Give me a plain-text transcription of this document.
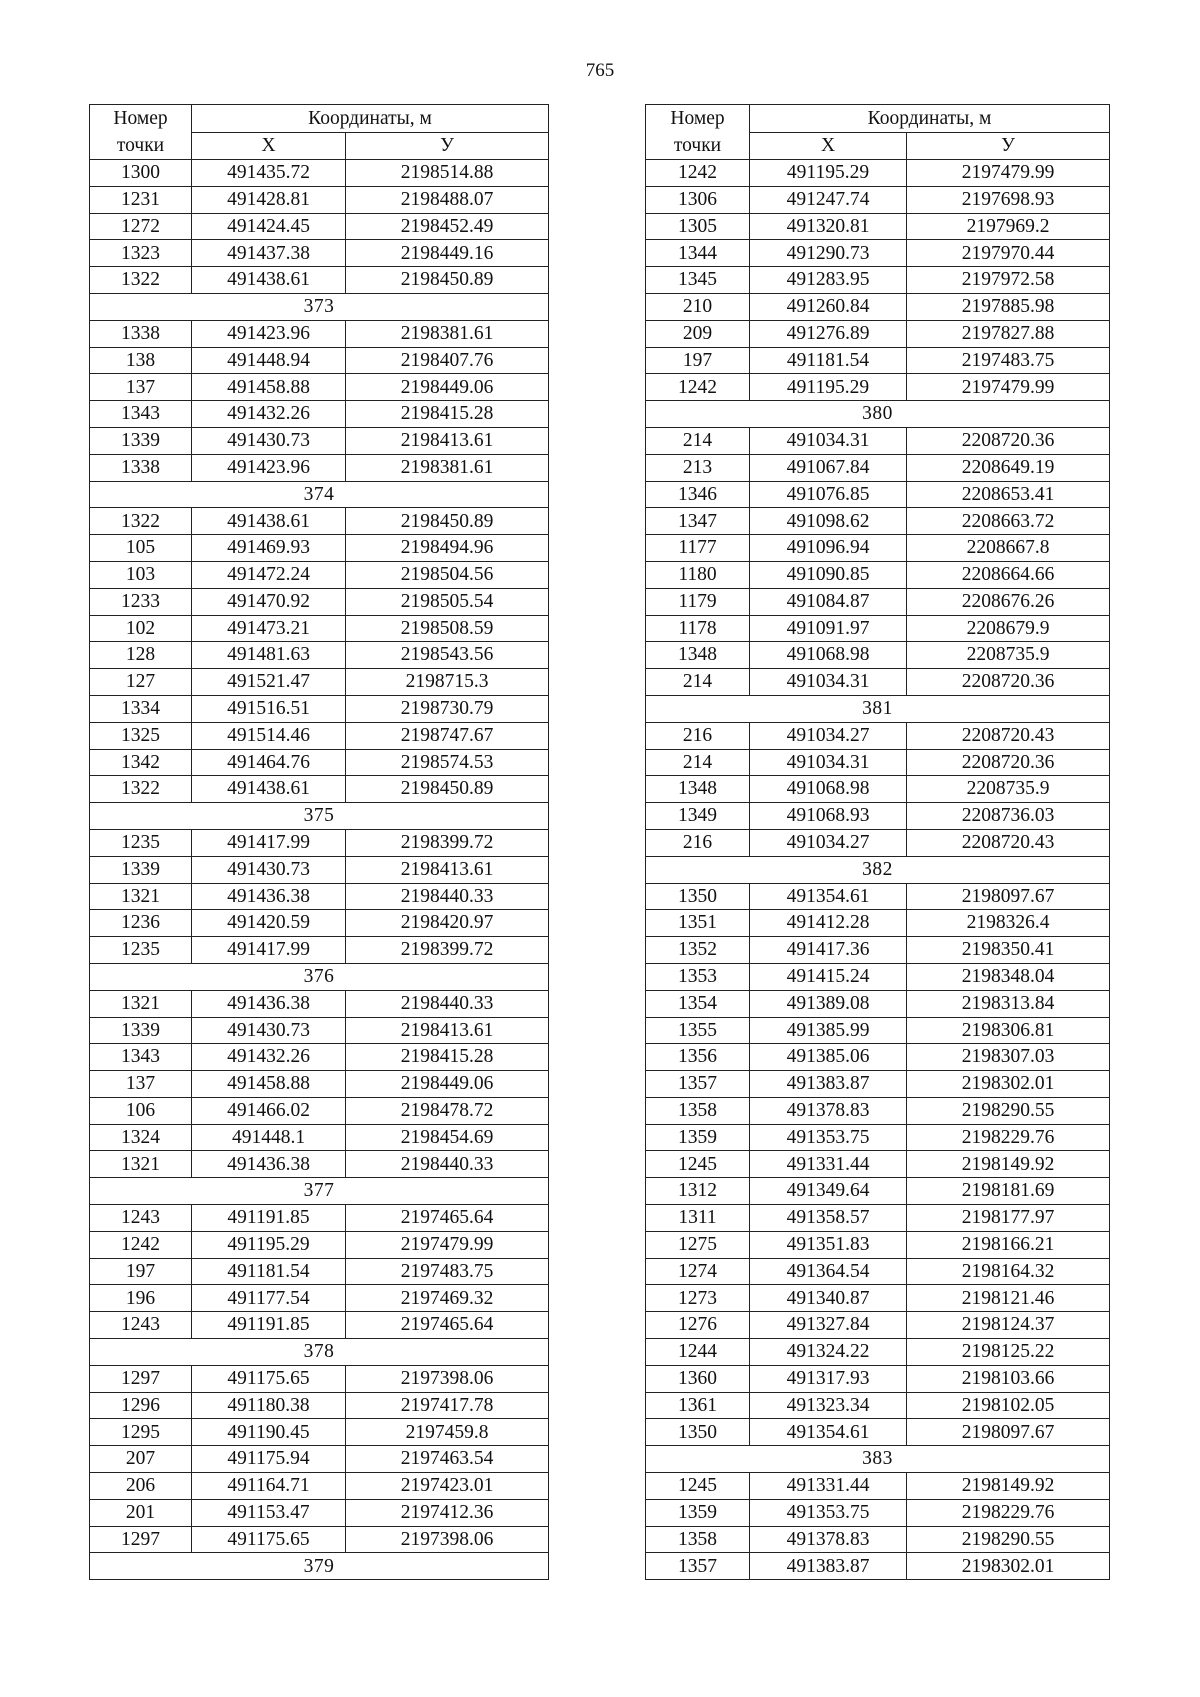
765
Номер
точки	Координаты, м	
	Х	У
1300	491435.72	2198514.88
1231	491428.81	2198488.07
1272	491424.45	2198452.49
1323	491437.38	2198449.16
1322	491438.61	2198450.89
373		
1338	491423.96	2198381.61
138	491448.94	2198407.76
137	491458.88	2198449.06
1343	491432.26	2198415.28
1339	491430.73	2198413.61
1338	491423.96	2198381.61
374		
1322	491438.61	2198450.89
105	491469.93	2198494.96
103	491472.24	2198504.56
1233	491470.92	2198505.54
102	491473.21	2198508.59
128	491481.63	2198543.56
127	491521.47	2198715.3
1334	491516.51	2198730.79
1325	491514.46	2198747.67
1342	491464.76	2198574.53
1322	491438.61	2198450.89
375		
1235	491417.99	2198399.72
1339	491430.73	2198413.61
1321	491436.38	2198440.33
1236	491420.59	2198420.97
1235	491417.99	2198399.72
376		
1321	491436.38	2198440.33
1339	491430.73	2198413.61
1343	491432.26	2198415.28
137	491458.88	2198449.06
106	491466.02	2198478.72
1324	491448.1	2198454.69
1321	491436.38	2198440.33
377		
1243	491191.85	2197465.64
1242	491195.29	2197479.99
197	491181.54	2197483.75
196	491177.54	2197469.32
1243	491191.85	2197465.64
378		
1297	491175.65	2197398.06
1296	491180.38	2197417.78
1295	491190.45	2197459.8
207	491175.94	2197463.54
206	491164.71	2197423.01
201	491153.47	2197412.36
1297	491175.65	2197398.06
379		
Номер
точки	Координаты, м	
	Х	У
1242	491195.29	2197479.99
1306	491247.74	2197698.93
1305	491320.81	2197969.2
1344	491290.73	2197970.44
1345	491283.95	2197972.58
210	491260.84	2197885.98
209	491276.89	2197827.88
197	491181.54	2197483.75
1242	491195.29	2197479.99
380		
214	491034.31	2208720.36
213	491067.84	2208649.19
1346	491076.85	2208653.41
1347	491098.62	2208663.72
1177	491096.94	2208667.8
1180	491090.85	2208664.66
1179	491084.87	2208676.26
1178	491091.97	2208679.9
1348	491068.98	2208735.9
214	491034.31	2208720.36
381		
216	491034.27	2208720.43
214	491034.31	2208720.36
1348	491068.98	2208735.9
1349	491068.93	2208736.03
216	491034.27	2208720.43
382		
1350	491354.61	2198097.67
1351	491412.28	2198326.4
1352	491417.36	2198350.41
1353	491415.24	2198348.04
1354	491389.08	2198313.84
1355	491385.99	2198306.81
1356	491385.06	2198307.03
1357	491383.87	2198302.01
1358	491378.83	2198290.55
1359	491353.75	2198229.76
1245	491331.44	2198149.92
1312	491349.64	2198181.69
1311	491358.57	2198177.97
1275	491351.83	2198166.21
1274	491364.54	2198164.32
1273	491340.87	2198121.46
1276	491327.84	2198124.37
1244	491324.22	2198125.22
1360	491317.93	2198103.66
1361	491323.34	2198102.05
1350	491354.61	2198097.67
383		
1245	491331.44	2198149.92
1359	491353.75	2198229.76
1358	491378.83	2198290.55
1357	491383.87	2198302.01
